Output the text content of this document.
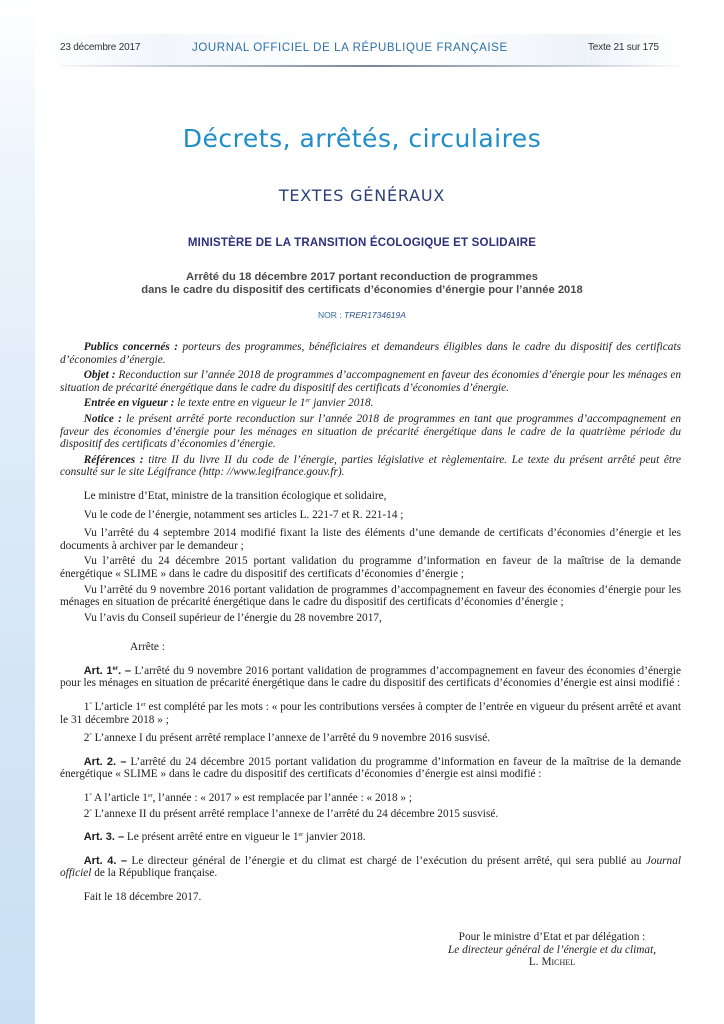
23 décembre 2017	JOURNAL OFFICIEL DE LA RÉPUBLIQUE FRANÇAISE	Texte 21 sur 175
Décrets, arrêtés, circulaires
TEXTES GÉNÉRAUX
MINISTÈRE DE LA TRANSITION ÉCOLOGIQUE ET SOLIDAIRE
Arrêté du 18 décembre 2017 portant reconduction de programmes
dans le cadre du dispositif des certificats d’économies d’énergie pour l’année 2018
NOR : TRER1734619A

Publics concernés : porteurs des programmes, bénéficiaires et demandeurs éligibles dans le cadre du dispositif des certificats d’économies d’énergie.

Objet : Reconduction sur l’année 2018 de programmes d’accompagnement en faveur des économies d’énergie pour les ménages en situation de précarité énergétique dans le cadre du dispositif des certificats d’économies d’énergie.

Entrée en vigueur : le texte entre en vigueur le 1er janvier 2018.

Notice : le présent arrêté porte reconduction sur l’année 2018 de programmes en tant que programmes d’accompagnement en faveur des économies d’énergie pour les ménages en situation de précarité énergétique dans le cadre de la quatrième période du dispositif des certificats d’économies d’énergie.

Références : titre II du livre II du code de l’énergie, parties législative et règlementaire. Le texte du présent arrêté peut être consulté sur le site Légifrance (http: //www.legifrance.gouv.fr).

Le ministre d’Etat, ministre de la transition écologique et solidaire,

Vu le code de l’énergie, notamment ses articles L. 221-7 et R. 221-14 ;

Vu l’arrêté du 4 septembre 2014 modifié fixant la liste des éléments d’une demande de certificats d’économies d’énergie et les documents à archiver par le demandeur ;

Vu l’arrêté du 24 décembre 2015 portant validation du programme d’information en faveur de la maîtrise de la demande énergétique « SLIME » dans le cadre du dispositif des certificats d’économies d’énergie ;

Vu l’arrêté du 9 novembre 2016 portant validation de programmes d’accompagnement en faveur des économies d’énergie pour les ménages en situation de précarité énergétique dans le cadre du dispositif des certificats d’économies d’énergie ;

Vu l’avis du Conseil supérieur de l’énergie du 28 novembre 2017,

Arrête :

Art. 1er. – L’arrêté du 9 novembre 2016 portant validation de programmes d’accompagnement en faveur des économies d’énergie pour les ménages en situation de précarité énergétique dans le cadre du dispositif des certificats d’économies d’énergie est ainsi modifié :

1° L’article 1er est complété par les mots : « pour les contributions versées à compter de l’entrée en vigueur du présent arrêté et avant le 31 décembre 2018 » ;

2° L’annexe I du présent arrêté remplace l’annexe de l’arrêté du 9 novembre 2016 susvisé.

Art. 2. – L’arrêté du 24 décembre 2015 portant validation du programme d’information en faveur de la maîtrise de la demande énergétique « SLIME » dans le cadre du dispositif des certificats d’économies d’énergie est ainsi modifié :

1° A l’article 1er, l’année : « 2017 » est remplacée par l’année : « 2018 » ;

2° L’annexe II du présent arrêté remplace l’annexe de l’arrêté du 24 décembre 2015 susvisé.

Art. 3. – Le présent arrêté entre en vigueur le 1er janvier 2018.

Art. 4. – Le directeur général de l’énergie et du climat est chargé de l’exécution du présent arrêté, qui sera publié au Journal officiel de la République française.

Fait le 18 décembre 2017.

Pour le ministre d’Etat et par délégation :
Le directeur général de l’énergie et du climat,
L. Michel
